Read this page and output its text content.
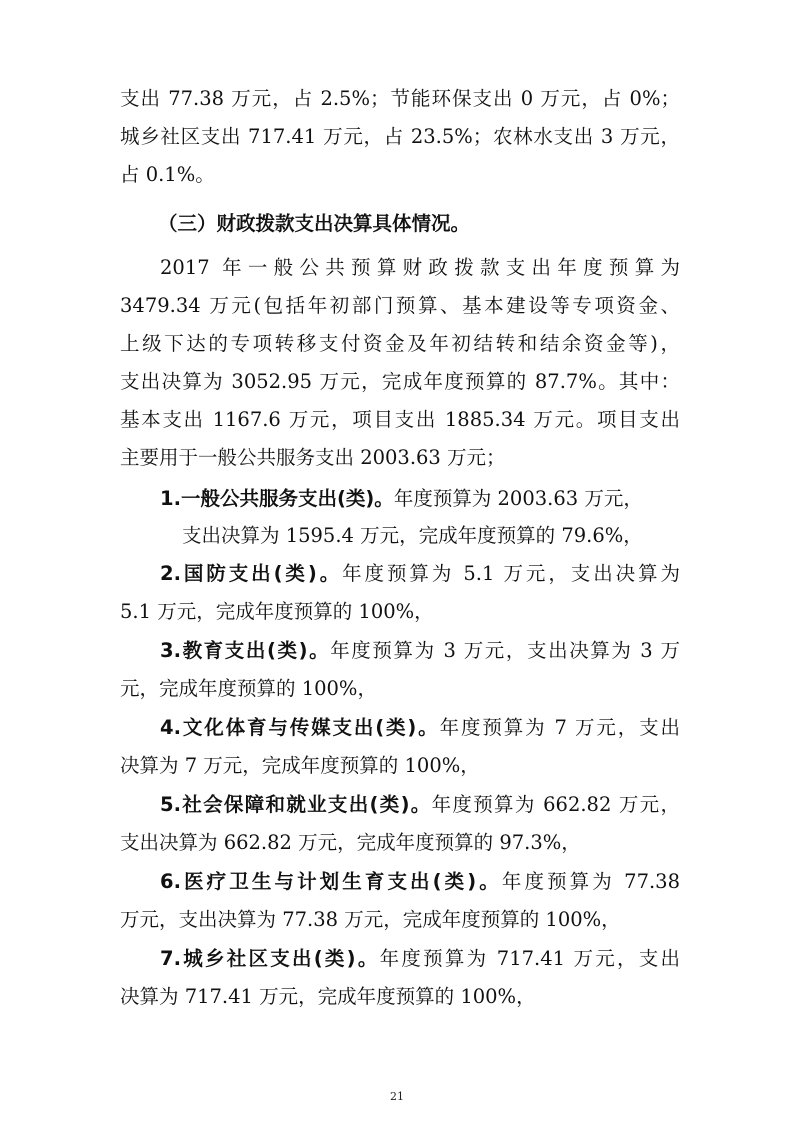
支出 77.38 万元，占 2.5%；节能环保支出 0 万元，占 0%；
城乡社区支出 717.41 万元，占 23.5%；农林水支出 3 万元，
占 0.1%。
（三）财政拨款支出决算具体情况。
2017 年一般公共预算财政拨款支出年度预算为
3479.34 万元(包括年初部门预算、基本建设等专项资金、
上级下达的专项转移支付资金及年初结转和结余资金等)，
支出决算为 3052.95 万元，完成年度预算的 87.7%。其中：
基本支出 1167.6 万元，项目支出 1885.34 万元。项目支出
主要用于一般公共服务支出 2003.63 万元；
1.一般公共服务支出(类)。年度预算为 2003.63 万元，
支出决算为 1595.4 万元，完成年度预算的 79.6%，
2.国防支出(类)。年度预算为 5.1 万元，支出决算为
5.1 万元，完成年度预算的 100%，
3.教育支出(类)。年度预算为 3 万元，支出决算为 3 万
元，完成年度预算的 100%，
4.文化体育与传媒支出(类)。年度预算为 7 万元，支出
决算为 7 万元，完成年度预算的 100%，
5.社会保障和就业支出(类)。年度预算为 662.82 万元，
支出决算为 662.82 万元，完成年度预算的 97.3%，
6.医疗卫生与计划生育支出(类)。年度预算为 77.38
万元，支出决算为 77.38 万元，完成年度预算的 100%，
7.城乡社区支出(类)。年度预算为 717.41 万元，支出
决算为 717.41 万元，完成年度预算的 100%，
21
